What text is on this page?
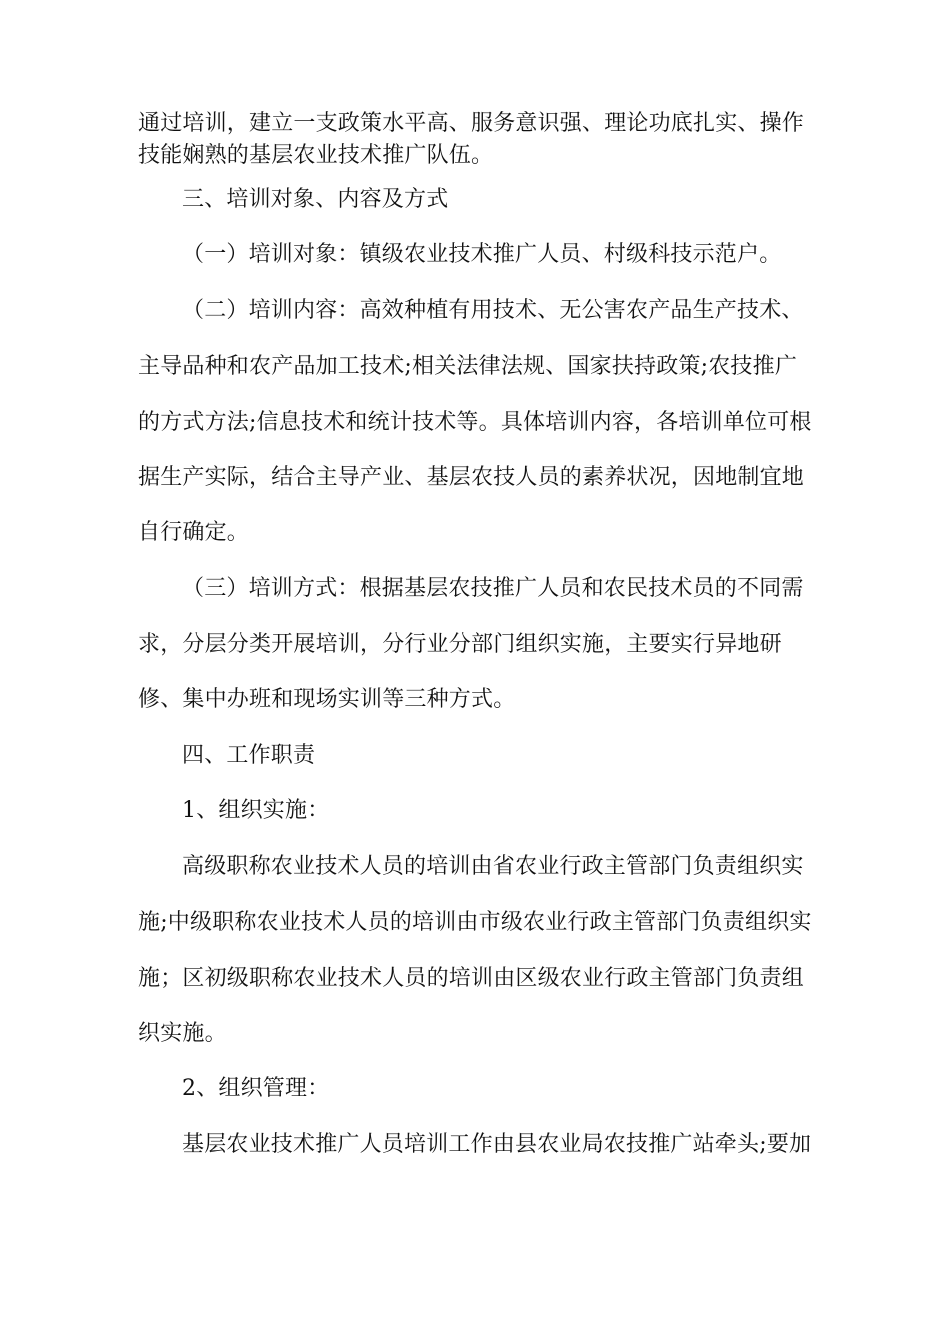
通过培训，建立一支政策水平高、服务意识强、理论功底扎实、操作
技能娴熟的基层农业技术推广队伍。
三、培训对象、内容及方式
（一）培训对象：镇级农业技术推广人员、村级科技示范户。
（二）培训内容：高效种植有用技术、无公害农产品生产技术、
主导品种和农产品加工技术;相关法律法规、国家扶持政策;农技推广
的方式方法;信息技术和统计技术等。具体培训内容，各培训单位可根
据生产实际，结合主导产业、基层农技人员的素养状况，因地制宜地
自行确定。
（三）培训方式：根据基层农技推广人员和农民技术员的不同需
求，分层分类开展培训，分行业分部门组织实施，主要实行异地研
修、集中办班和现场实训等三种方式。
四、工作职责
1、组织实施：
高级职称农业技术人员的培训由省农业行政主管部门负责组织实
施;中级职称农业技术人员的培训由市级农业行政主管部门负责组织实
施；区初级职称农业技术人员的培训由区级农业行政主管部门负责组
织实施。
2、组织管理：
基层农业技术推广人员培训工作由县农业局农技推广站牵头;要加
